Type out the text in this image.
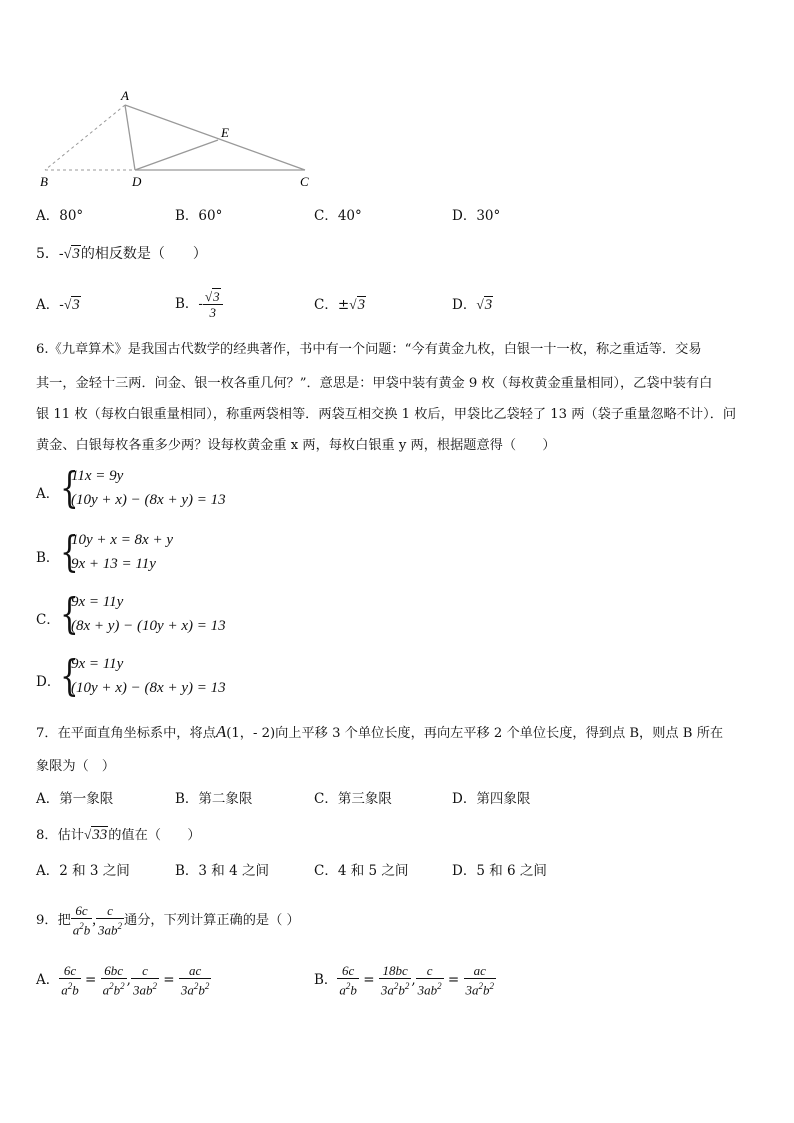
A
B	D	C
E
A．80°	B．60°	C．40°	D．30°
5．-√3的相反数是（　　）
A．-√3	B．- $\frac{√3}{3}$	C．±√3	D．√3
6.《九章算术》是我国古代数学的经典著作，书中有一个问题：“今有黄金九枚，白银一十一枚，称之重适等．交易
其一，金轻十三两．问金、银一枚各重几何？”．意思是：甲袋中装有黄金 9 枚（每枚黄金重量相同），乙袋中装有白
银 11 枚（每枚白银重量相同），称重两袋相等．两袋互相交换 1 枚后，甲袋比乙袋轻了 13 两（袋子重量忽略不计）．问
黄金、白银每枚各重多少两？设每枚黄金重 x 两，每枚白银重 y 两，根据题意得（　　）
A． {
11x = 9y
(10y + x) − (8x + y) = 13
B． {
10y + x = 8x + y
9x + 13 = 11y
C． {
9x = 11y
(8x + y) − (10y + x) = 13
D． {
9x = 11y
(10y + x) − (8x + y) = 13
7．在平面直角坐标系中，将点A(1，- 2)向上平移 3 个单位长度，再向左平移 2 个单位长度，得到点 B，则点 B 所在
象限为（　）
A．第一象限	B．第二象限	C．第三象限	D．第四象限
8．估计√33的值在（　　）
A．2 和 3 之间	B．3 和 4 之间	C．4 和 5 之间	D．5 和 6 之间
9．把 $\frac{6c}{a^2b}$ , $\frac{c}{3ab^2}$ 通分，下列计算正确的是（ ）
A． $\frac{6c}{a^2b} = \frac{6bc}{a^2b^2}$ , $\frac{c}{3ab^2} = \frac{ac}{3a^2b^2}$	B． $\frac{6c}{a^2b} = \frac{18bc}{3a^2b^2}$ , $\frac{c}{3ab^2} = \frac{ac}{3a^2b^2}$
